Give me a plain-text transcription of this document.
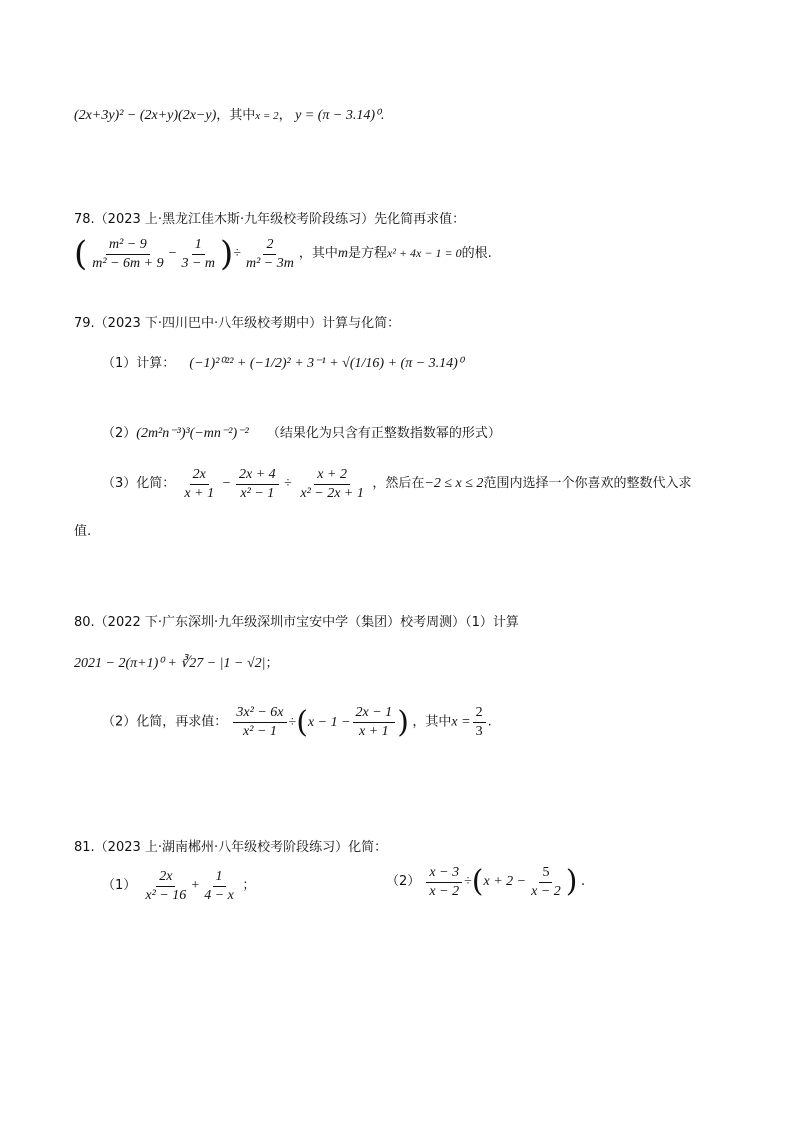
(2x+3y)² − (2x+y)(2x−y)，其中x = 2， y = (π − 3.14)⁰.
78.（2023 上·黑龙江佳木斯·九年级校考阶段练习）先化简再求值：
( $\frac{\text{m² − 9}}{\text{m² − 6m + 9}} - \frac{1}{3 - m}$ )÷ $\frac{2}{\text{m² − 3m}}$ ，其中m是方程x² + 4x − 1 = 0的根.
79.（2023 下·四川巴中·八年级校考期中）计算与化简：
（1）计算： (−1)²⁰²² + (−1/2)² + 3⁻¹ + √(1/16) + (π − 3.14)⁰
（2）(2m²n⁻³)³(−mn⁻²)⁻² （结果化为只含有正整数指数幂的形式）
（3）化简： $\frac{2x}{x + 1} - \frac{2x + 4}{\text{x² − 1}} \div \frac{x + 2}{\text{x² − 2x + 1}}$ ，然后在−2 ≤ x ≤ 2范围内选择一个你喜欢的整数代入求
值.
80.（2022 下·广东深圳·九年级深圳市宝安中学（集团）校考周测）（1）计算
2021 − 2(π+1)⁰ + ∛27 − |1 − √2|；
（2）化简，再求值： $\frac{\text{3x² − 6x}}{\text{x² − 1}} \div(x - 1 - \frac{2x - 1}{x + 1}$ ) ，其中$x = \frac{2}{3}$ .
81.（2023 上·湖南郴州·八年级校考阶段练习）化简：
$(1) \frac{2x}{\text{x² − 16}} + \frac{1}{4 - x}$ ；	$(2) \frac{x - 3}{x - 2} \div(x + 2 - \frac{5}{x - 2}$ ) .
